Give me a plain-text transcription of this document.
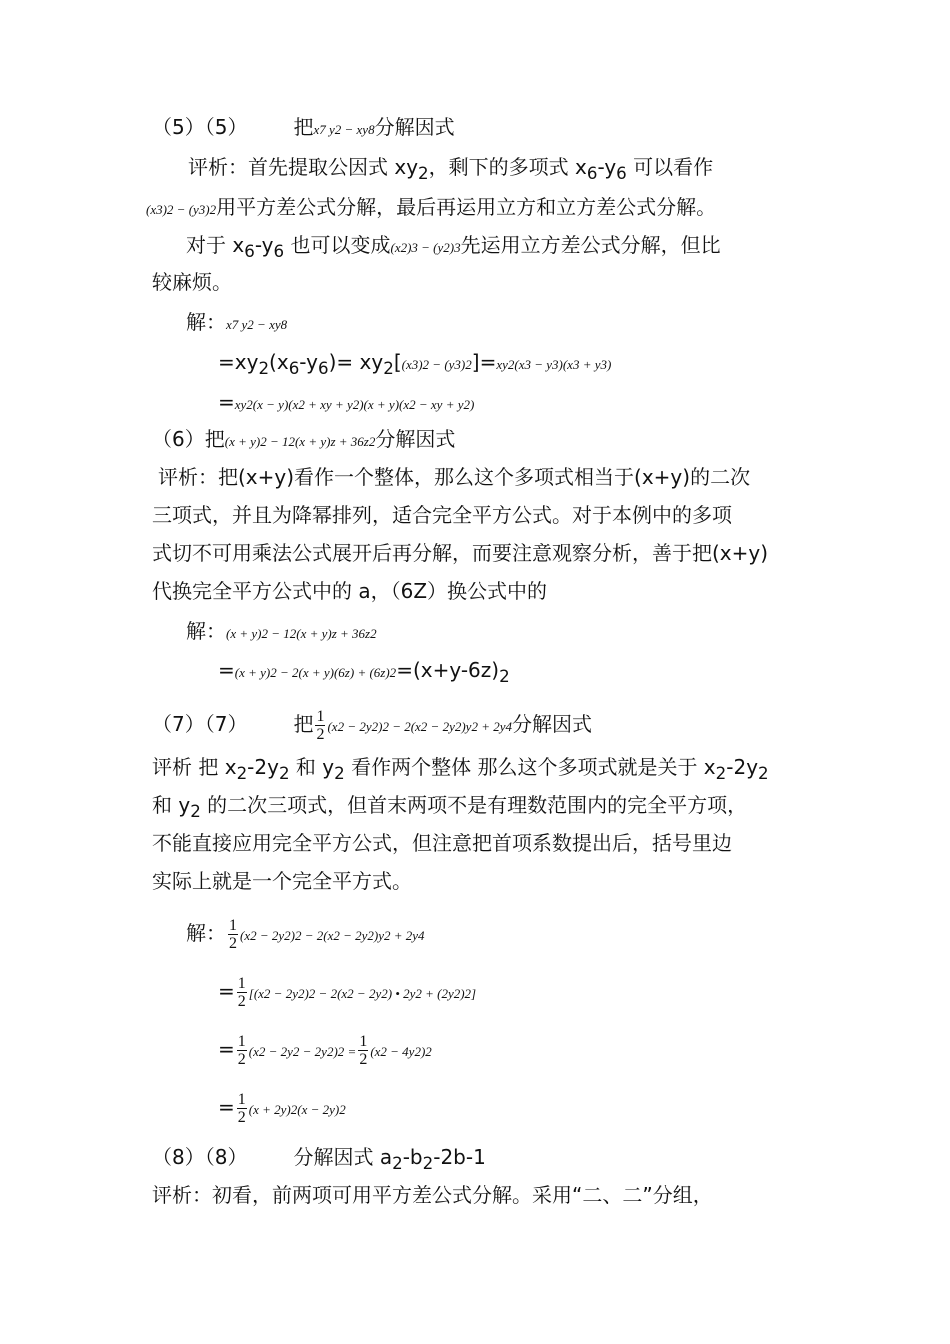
（5）（5） 把x7 y2 − xy8分解因式
评析：首先提取公因式 $xy_2$，剩下的多项式 $x_6-y_6$ 可以看作
(x3)2 − (y3)2用平方差公式分解，最后再运用立方和立方差公式分解。
对于 $x_6-y_6$ 也可以变成(x2)3 − (y2)3先运用立方差公式分解，但比
较麻烦。
解：x7 y2 − xy8
$=xy_2(x_6-y_6)= xy_2[(x3)2 - (y3)2]=xy2(x3 - y3)(x3 + y3)$
=xy2(x − y)(x2 + xy + y2)(x + y)(x2 − xy + y2)
（6）把(x + y)2 − 12(x + y)z + 36z2分解因式
评析：把(x+y)看作一个整体，那么这个多项式相当于(x+y)的二次
三项式，并且为降幂排列，适合完全平方公式。对于本例中的多项
式切不可用乘法公式展开后再分解，而要注意观察分析，善于把(x+y)
代换完全平方公式中的 a，（6Z）换公式中的
解：(x + y)2 − 12(x + y)z + 36z2
$=(x + y)2 - 2(x + y)(6z) + (6z)2=(x+y-6z)_2$
（7）（7） 把 $\frac{1}{2} (x2 - 2y2)2 - 2(x2 - 2y2)y2 + 2y4$分解因式
评析 把 $x_2-2y_2$ 和 $y_2$ 看作两个整体 那么这个多项式就是关于 $x_2-2y_2$
和 $y_2$ 的二次三项式，但首末两项不是有理数范围内的完全平方项，
不能直接应用完全平方公式，但注意把首项系数提出后，括号里边
实际上就是一个完全平方式。
解： $\frac{1}{2} (x2 - 2y2)2 - 2(x2 - 2y2)y2 + 2y4$
= $\frac{1}{2} [(x2 - 2y2)2 - 2(x2 - 2y2)$ • 2y2 + (2y2)2]
= $\frac{1}{2} (x2 - 2y2 - 2y2)2 = \frac{1}{2} (x2 - 4y2)2$
= $\frac{1}{2} (x + 2y)2(x - 2y)2$
（8）（8） 分解因式 $a_2-b_2-2b-1$
评析：初看，前两项可用平方差公式分解。采用“二、二”分组，
